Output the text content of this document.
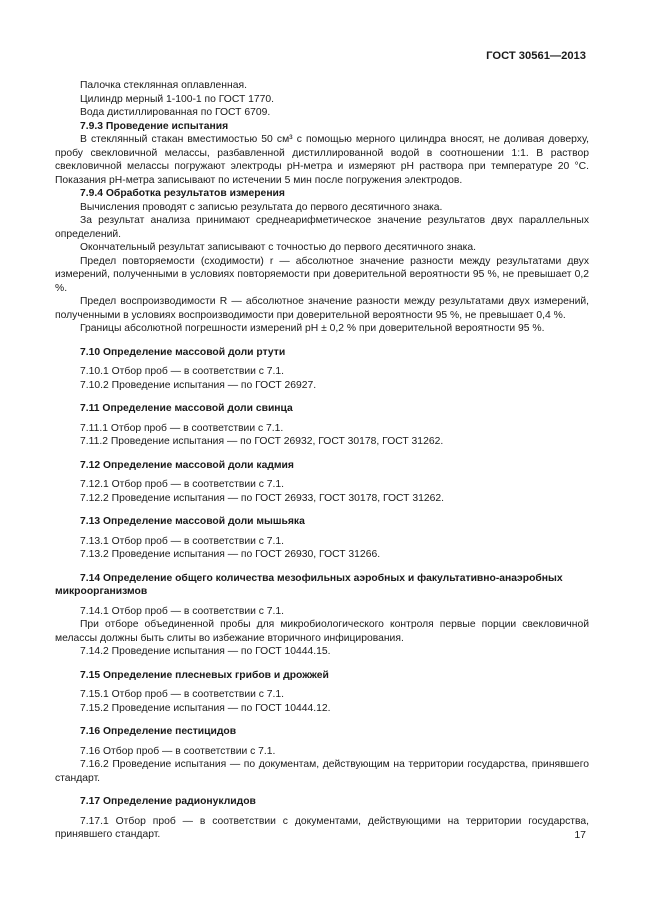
ГОСТ 30561—2013

Палочка стеклянная оплавленная.

Цилиндр мерный 1-100-1 по ГОСТ 1770.

Вода дистиллированная по ГОСТ 6709.

7.9.3 Проведение испытания

В стеклянный стакан вместимостью 50 см³ с помощью мерного цилиндра вносят, не доливая доверху, пробу свекловичной мелассы, разбавленной дистиллированной водой в соотношении 1:1. В раствор свекловичной мелассы погружают электроды pH-метра и измеряют pH раствора при температуре 20 °С. Показания pH-метра записывают по истечении 5 мин после погружения электродов.

7.9.4 Обработка результатов измерения

Вычисления проводят с записью результата до первого десятичного знака.

За результат анализа принимают среднеарифметическое значение результатов двух параллельных определений.

Окончательный результат записывают с точностью до первого десятичного знака.

Предел повторяемости (сходимости) r — абсолютное значение разности между результатами двух измерений, полученными в условиях повторяемости при доверительной вероятности 95 %, не превышает 0,2 %.

Предел воспроизводимости R — абсолютное значение разности между результатами двух измерений, полученными в условиях воспроизводимости при доверительной вероятности 95 %, не превышает 0,4 %.

Границы абсолютной погрешности измерений pH ± 0,2 % при доверительной вероятности 95 %.

7.10 Определение массовой доли ртути

7.10.1 Отбор проб — в соответствии с 7.1.

7.10.2 Проведение испытания — по ГОСТ 26927.

7.11 Определение массовой доли свинца

7.11.1 Отбор проб — в соответствии с 7.1.

7.11.2 Проведение испытания — по ГОСТ 26932, ГОСТ 30178, ГОСТ 31262.

7.12 Определение массовой доли кадмия

7.12.1 Отбор проб — в соответствии с 7.1.

7.12.2 Проведение испытания — по ГОСТ 26933, ГОСТ 30178, ГОСТ 31262.

7.13 Определение массовой доли мышьяка

7.13.1 Отбор проб — в соответствии с 7.1.

7.13.2 Проведение испытания — по ГОСТ 26930, ГОСТ 31266.

7.14 Определение общего количества мезофильных аэробных и факультативно-анаэробных микроорганизмов

7.14.1 Отбор проб — в соответствии с 7.1.

При отборе объединенной пробы для микробиологического контроля первые порции свекловичной мелассы должны быть слиты во избежание вторичного инфицирования.

7.14.2 Проведение испытания — по ГОСТ 10444.15.

7.15 Определение плесневых грибов и дрожжей

7.15.1 Отбор проб — в соответствии с 7.1.

7.15.2 Проведение испытания — по ГОСТ 10444.12.

7.16 Определение пестицидов

7.16 Отбор проб — в соответствии с 7.1.

7.16.2 Проведение испытания — по документам, действующим на территории государства, принявшего стандарт.

7.17 Определение радионуклидов

7.17.1 Отбор проб — в соответствии с документами, действующими на территории государства, принявшего стандарт.	17
